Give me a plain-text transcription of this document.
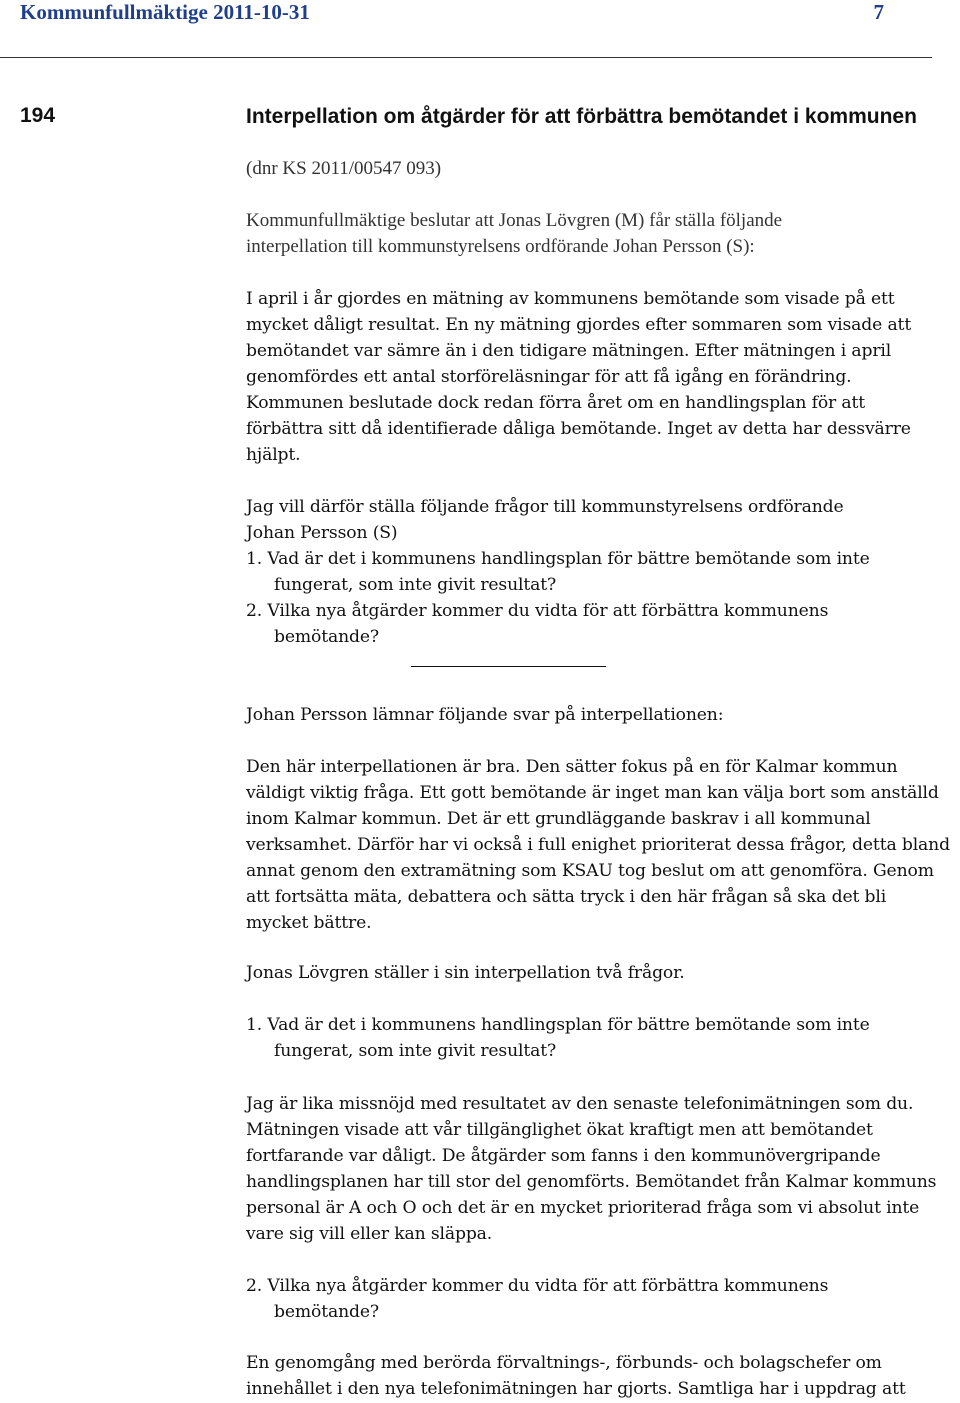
Kommunfullmäktige 2011-10-31	7
194	Interpellation om åtgärder för att förbättra bemötandet i kommunen
(dnr KS 2011/00547 093)

Kommunfullmäktige beslutar att Jonas Lövgren (M) får ställa följande interpellation till kommunstyrelsens ordförande Johan Persson (S):

I april i år gjordes en mätning av kommunens bemötande som visade på ett mycket dåligt resultat. En ny mätning gjordes efter sommaren som visade att bemötandet var sämre än i den tidigare mätningen. Efter mätningen i april genomfördes ett antal storföreläsningar för att få igång en förändring. Kommunen beslutade dock redan förra året om en handlingsplan för att förbättra sitt då identifierade dåliga bemötande. Inget av detta har dessvärre hjälpt.

Jag vill därför ställa följande frågor till kommunstyrelsens ordförande Johan Persson (S)

1. Vad är det i kommunens handlingsplan för bättre bemötande som inte fungerat, som inte givit resultat?

2. Vilka nya åtgärder kommer du vidta för att förbättra kommunens bemötande?

Johan Persson lämnar följande svar på interpellationen:

Den här interpellationen är bra. Den sätter fokus på en för Kalmar kommun väldigt viktig fråga. Ett gott bemötande är inget man kan välja bort som anställd inom Kalmar kommun. Det är ett grundläggande baskrav i all kommunal verksamhet. Därför har vi också i full enighet prioriterat dessa frågor, detta bland annat genom den extramätning som KSAU tog beslut om att genomföra. Genom att fortsätta mäta, debattera och sätta tryck i den här frågan så ska det bli mycket bättre.

Jonas Lövgren ställer i sin interpellation två frågor.

1. Vad är det i kommunens handlingsplan för bättre bemötande som inte fungerat, som inte givit resultat?

Jag är lika missnöjd med resultatet av den senaste telefonimätningen som du. Mätningen visade att vår tillgänglighet ökat kraftigt men att bemötandet fortfarande var dåligt. De åtgärder som fanns i den kommunövergripande handlingsplanen har till stor del genomförts. Bemötandet från Kalmar kommuns personal är A och O och det är en mycket prioriterad fråga som vi absolut inte vare sig vill eller kan släppa.

2. Vilka nya åtgärder kommer du vidta för att förbättra kommunens bemötande?

En genomgång med berörda förvaltnings-, förbunds- och bolagschefer om innehållet i den nya telefonimätningen har gjorts. Samtliga har i uppdrag att
